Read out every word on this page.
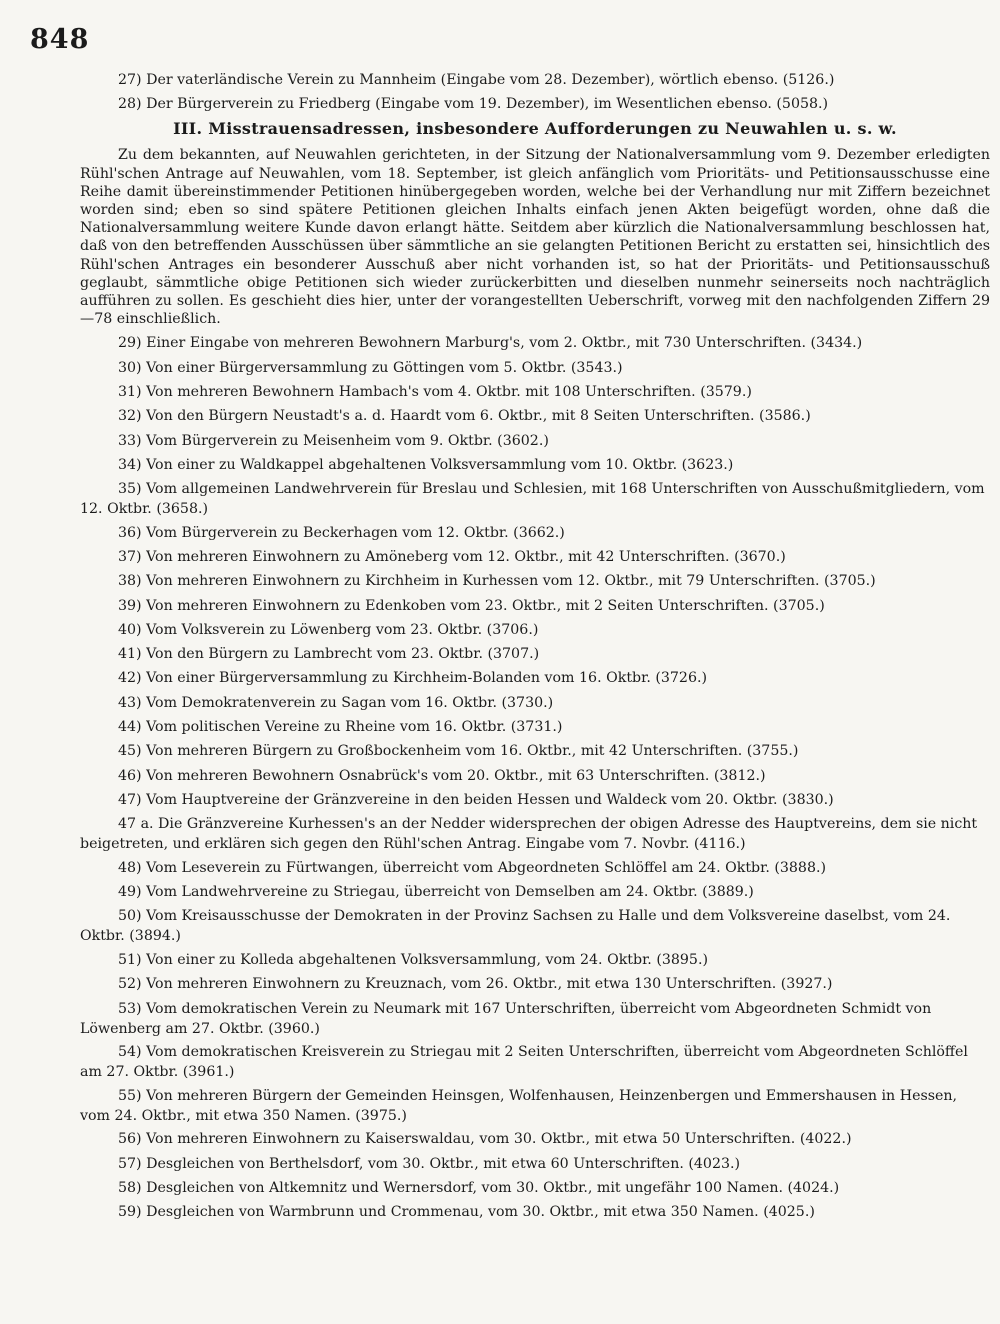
848

27) Der vaterländische Verein zu Mannheim (Eingabe vom 28. Dezember), wörtlich ebenso. (5126.)

28) Der Bürgerverein zu Friedberg (Eingabe vom 19. Dezember), im Wesentlichen ebenso. (5058.)

III. Misstrauensadressen, insbesondere Aufforderungen zu Neuwahlen u. s. w.

Zu dem bekannten, auf Neuwahlen gerichteten, in der Sitzung der Nationalversammlung vom 9. Dezember erledigten Rühl'schen Antrage auf Neuwahlen, vom 18. September, ist gleich anfänglich vom Prioritäts- und Petitionsausschusse eine Reihe damit übereinstimmender Petitionen hinübergegeben worden, welche bei der Verhandlung nur mit Ziffern bezeichnet worden sind; eben so sind spätere Petitionen gleichen Inhalts einfach jenen Akten beigefügt worden, ohne daß die Nationalversammlung weitere Kunde davon erlangt hätte. Seitdem aber kürzlich die Nationalversammlung beschlossen hat, daß von den betreffenden Ausschüssen über sämmtliche an sie gelangten Petitionen Bericht zu erstatten sei, hinsichtlich des Rühl'schen Antrages ein besonderer Ausschuß aber nicht vorhanden ist, so hat der Prioritäts- und Petitionsausschuß geglaubt, sämmtliche obige Petitionen sich wieder zurückerbitten und dieselben nunmehr seinerseits noch nachträglich aufführen zu sollen. Es geschieht dies hier, unter der vorangestellten Ueberschrift, vorweg mit den nachfolgenden Ziffern 29—78 einschließlich.

29) Einer Eingabe von mehreren Bewohnern Marburg's, vom 2. Oktbr., mit 730 Unterschriften. (3434.)

30) Von einer Bürgerversammlung zu Göttingen vom 5. Oktbr. (3543.)

31) Von mehreren Bewohnern Hambach's vom 4. Oktbr. mit 108 Unterschriften. (3579.)

32) Von den Bürgern Neustadt's a. d. Haardt vom 6. Oktbr., mit 8 Seiten Unterschriften. (3586.)

33) Vom Bürgerverein zu Meisenheim vom 9. Oktbr. (3602.)

34) Von einer zu Waldkappel abgehaltenen Volksversammlung vom 10. Oktbr. (3623.)

35) Vom allgemeinen Landwehrverein für Breslau und Schlesien, mit 168 Unterschriften von Ausschußmitgliedern, vom 12. Oktbr. (3658.)

36) Vom Bürgerverein zu Beckerhagen vom 12. Oktbr. (3662.)

37) Von mehreren Einwohnern zu Amöneberg vom 12. Oktbr., mit 42 Unterschriften. (3670.)

38) Von mehreren Einwohnern zu Kirchheim in Kurhessen vom 12. Oktbr., mit 79 Unterschriften. (3705.)

39) Von mehreren Einwohnern zu Edenkoben vom 23. Oktbr., mit 2 Seiten Unterschriften. (3705.)

40) Vom Volksverein zu Löwenberg vom 23. Oktbr. (3706.)

41) Von den Bürgern zu Lambrecht vom 23. Oktbr. (3707.)

42) Von einer Bürgerversammlung zu Kirchheim-Bolanden vom 16. Oktbr. (3726.)

43) Vom Demokratenverein zu Sagan vom 16. Oktbr. (3730.)

44) Vom politischen Vereine zu Rheine vom 16. Oktbr. (3731.)

45) Von mehreren Bürgern zu Großbockenheim vom 16. Oktbr., mit 42 Unterschriften. (3755.)

46) Von mehreren Bewohnern Osnabrück's vom 20. Oktbr., mit 63 Unterschriften. (3812.)

47) Vom Hauptvereine der Gränzvereine in den beiden Hessen und Waldeck vom 20. Oktbr. (3830.)

47 a. Die Gränzvereine Kurhessen's an der Nedder widersprechen der obigen Adresse des Hauptvereins, dem sie nicht beigetreten, und erklären sich gegen den Rühl'schen Antrag. Eingabe vom 7. Novbr. (4116.)

48) Vom Leseverein zu Fürtwangen, überreicht vom Abgeordneten Schlöffel am 24. Oktbr. (3888.)

49) Vom Landwehrvereine zu Striegau, überreicht von Demselben am 24. Oktbr. (3889.)

50) Vom Kreisausschusse der Demokraten in der Provinz Sachsen zu Halle und dem Volksvereine daselbst, vom 24. Oktbr. (3894.)

51) Von einer zu Kolleda abgehaltenen Volksversammlung, vom 24. Oktbr. (3895.)

52) Von mehreren Einwohnern zu Kreuznach, vom 26. Oktbr., mit etwa 130 Unterschriften. (3927.)

53) Vom demokratischen Verein zu Neumark mit 167 Unterschriften, überreicht vom Abgeordneten Schmidt von Löwenberg am 27. Oktbr. (3960.)

54) Vom demokratischen Kreisverein zu Striegau mit 2 Seiten Unterschriften, überreicht vom Abgeordneten Schlöffel am 27. Oktbr. (3961.)

55) Von mehreren Bürgern der Gemeinden Heinsgen, Wolfenhausen, Heinzenbergen und Emmershausen in Hessen, vom 24. Oktbr., mit etwa 350 Namen. (3975.)

56) Von mehreren Einwohnern zu Kaiserswaldau, vom 30. Oktbr., mit etwa 50 Unterschriften. (4022.)

57) Desgleichen von Berthelsdorf, vom 30. Oktbr., mit etwa 60 Unterschriften. (4023.)

58) Desgleichen von Altkemnitz und Wernersdorf, vom 30. Oktbr., mit ungefähr 100 Namen. (4024.)

59) Desgleichen von Warmbrunn und Crommenau, vom 30. Oktbr., mit etwa 350 Namen. (4025.)
